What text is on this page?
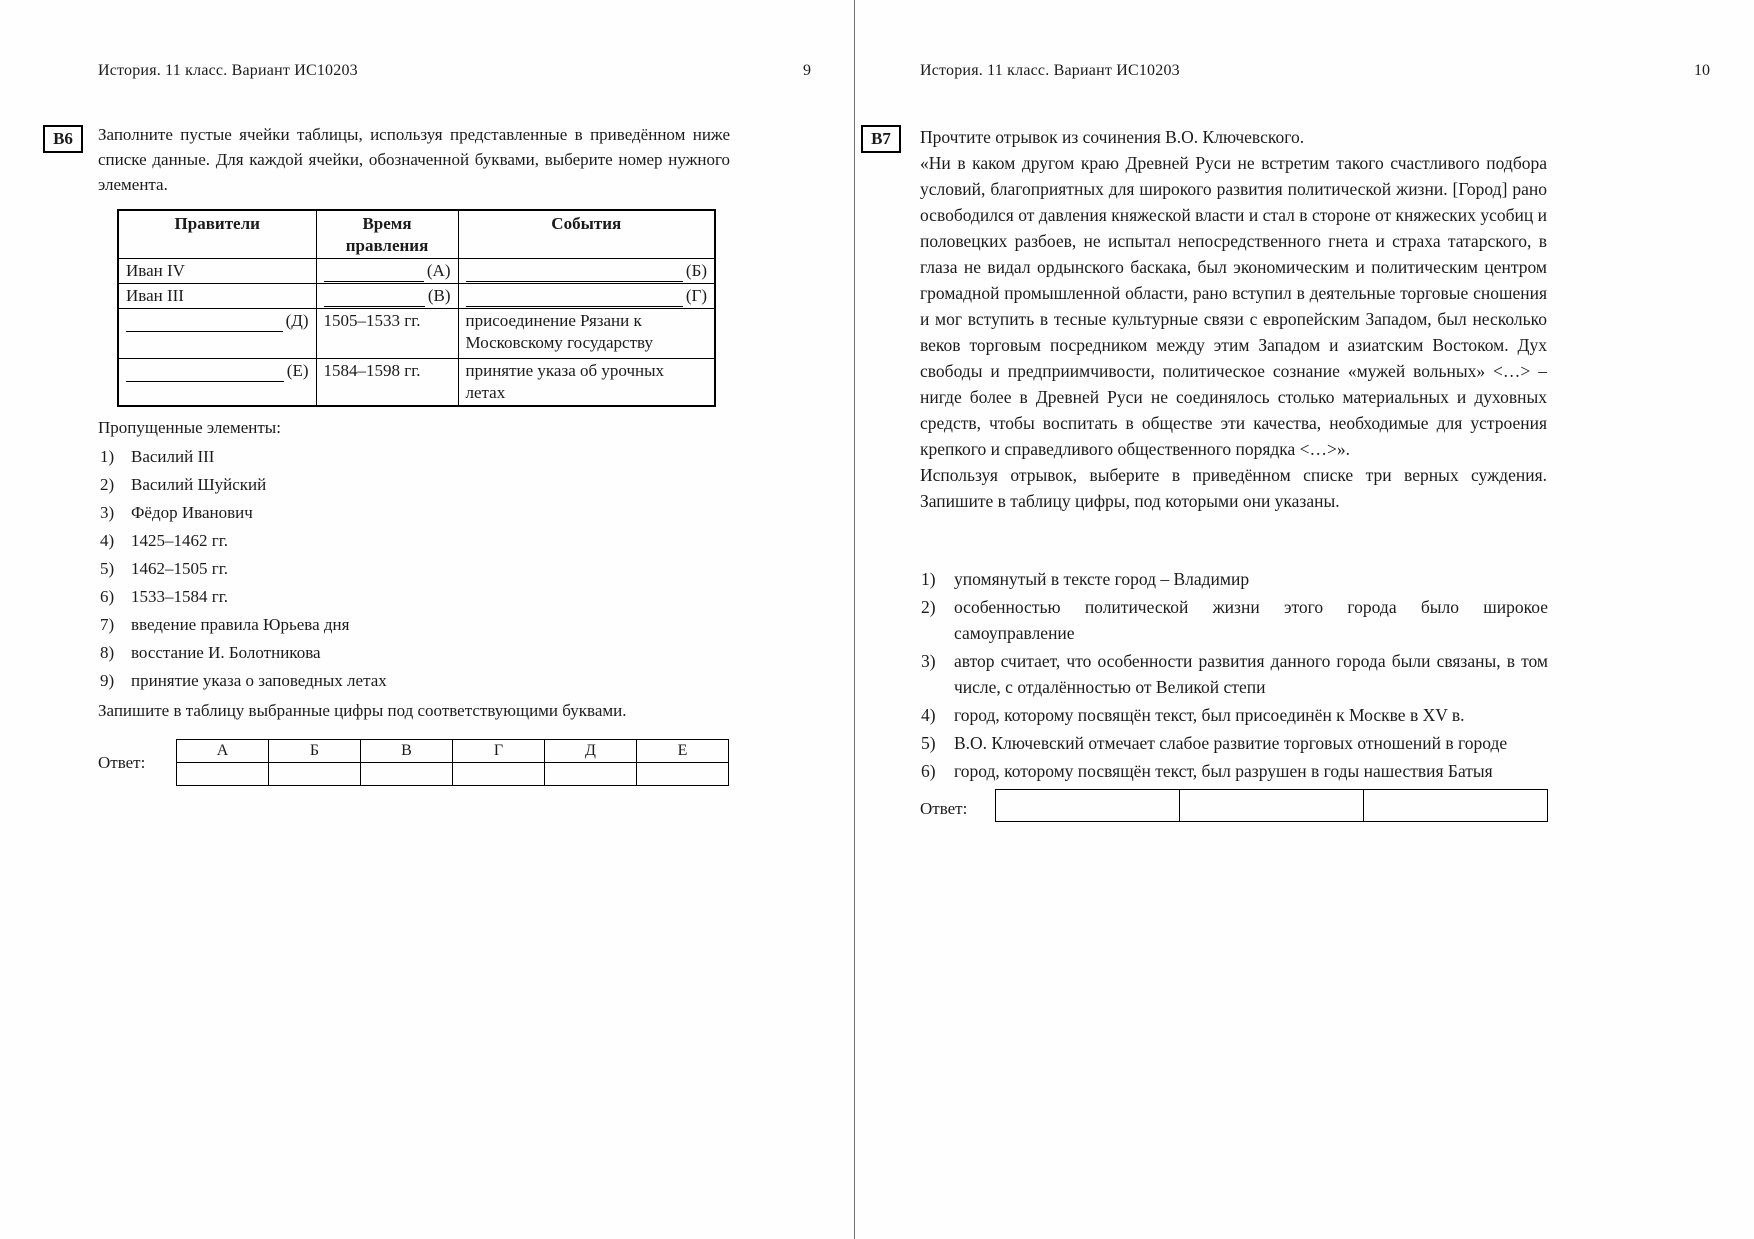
История. 11 класс. Вариант ИС10203	9
В6	Заполните пустые ячейки таблицы, используя представленные в приведённом ниже списке данные. Для каждой ячейки, обозначенной буквами, выберите номер нужного элемента.

Правители	Время правления	События
Иван IV	(А)	(Б)

Иван III	(В)	(Г)

(Д)	1505–1533 гг.	присоединение Рязани к Московскому государству

(Е)	1584–1598 гг.	принятие указа об урочных летах
Пропущенные элементы:
1) Василий III
2) Василий Шуйский
3) Фёдор Иванович
4) 1425–1462 гг.
5) 1462–1505 гг.
6) 1533–1584 гг.
7) введение правила Юрьева дня
8) восстание И. Болотникова
9) принятие указа о заповедных летах
Запишите в таблицу выбранные цифры под соответствующими буквами.
Ответ:
А	Б	В	Г	Д	Е

История. 11 класс. Вариант ИС10203	10
В7	Прочтите отрывок из сочинения В.О. Ключевского.
«Ни в каком другом краю Древней Руси не встретим такого счастливого подбора условий, благоприятных для широкого развития политической жизни. [Город] рано освободился от давления княжеской власти и стал в стороне от княжеских усобиц и половецких разбоев, не испытал непосредственного гнета и страха татарского, в глаза не видал ордынского баскака, был экономическим и политическим центром громадной промышленной области, рано вступил в деятельные торговые сношения и мог вступить в тесные культурные связи с европейским Западом, был несколько веков торговым посредником между этим Западом и азиатским Востоком. Дух свободы и предприимчивости, политическое сознание «мужей вольных» <…> – нигде более в Древней Руси не соединялось столько материальных и духовных средств, чтобы воспитать в обществе эти качества, необходимые для устроения крепкого и справедливого общественного порядка <…>».
Используя отрывок, выберите в приведённом списке три верных суждения. Запишите в таблицу цифры, под которыми они указаны.
1)	упомянутый в тексте город – Владимир
2)	особенностью политической жизни этого города было широкое самоуправление
3)	автор считает, что особенности развития данного города были связаны, в том числе, с отдалённостью от Великой степи
4)	город, которому посвящён текст, был присоединён к Москве в XV в.
5)	В.О. Ключевский отмечает слабое развитие торговых отношений в городе
6)	город, которому посвящён текст, был разрушен в годы нашествия Батыя
Ответ:
